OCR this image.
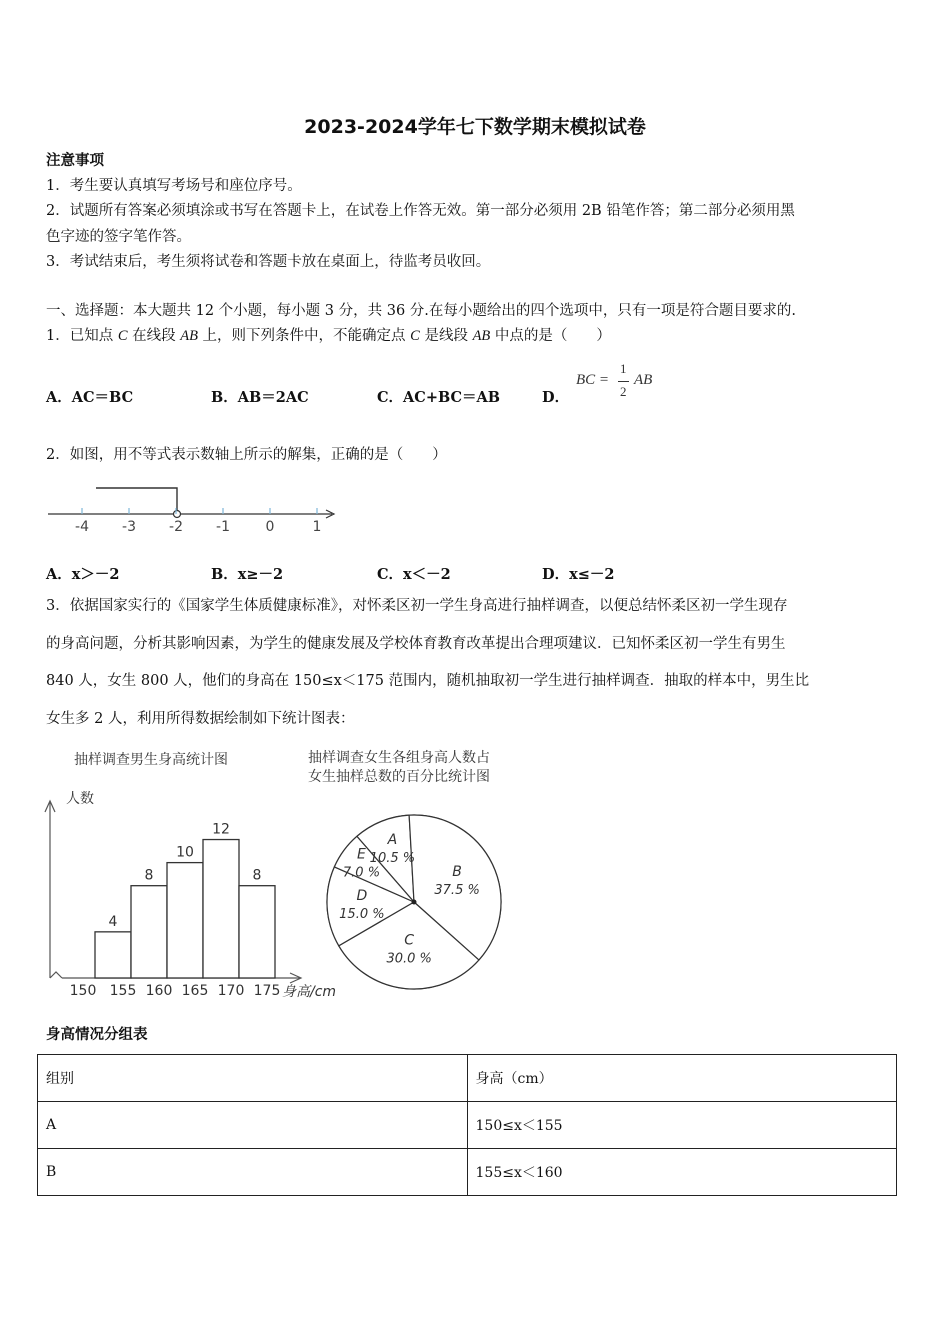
2023-2024学年七下数学期末模拟试卷
注意事项
1．考生要认真填写考场号和座位序号。
2．试题所有答案必须填涂或书写在答题卡上，在试卷上作答无效。第一部分必须用 2B 铅笔作答；第二部分必须用黑
色字迹的签字笔作答。
3．考试结束后，考生须将试卷和答题卡放在桌面上，待监考员收回。
一、选择题：本大题共 12 个小题，每小题 3 分，共 36 分.在每小题给出的四个选项中，只有一项是符合题目要求的.
1．已知点 C 在线段 AB 上，则下列条件中，不能确定点 C 是线段 AB 中点的是（　　）
A．AC＝BC	B．AB＝2AC	C．AC+BC＝AB	D．
BC =
1
2
AB
2．如图，用不等式表示数轴上所示的解集，正确的是（　　）
-4 -3 -2 -1	0	1
A．x＞－2	B．x≥－2	C．x＜－2	D．x≤－2
3．依据国家实行的《国家学生体质健康标准》，对怀柔区初一学生身高进行抽样调查，以便总结怀柔区初一学生现存
的身高问题，分析其影响因素，为学生的健康发展及学校体育教育改革提出合理项建议．已知怀柔区初一学生有男生
840 人，女生 800 人，他们的身高在 150≤x＜175 范围内，随机抽取初一学生进行抽样调查．抽取的样本中，男生比
女生多 2 人，利用所得数据绘制如下统计图表：
抽样调查男生身高统计图
人数
身高/cm
4
8
10
12
8
150 155 160 165 170 175
抽样调查女生各组身高人数占
女生抽样总数的百分比统计图
A
10.5 %
B
37.5 %
C
30.0 %
D
15.0 %
E
7.0 %
身高情况分组表
组别	身高（cm）
A	150≤x＜155
B	155≤x＜160
